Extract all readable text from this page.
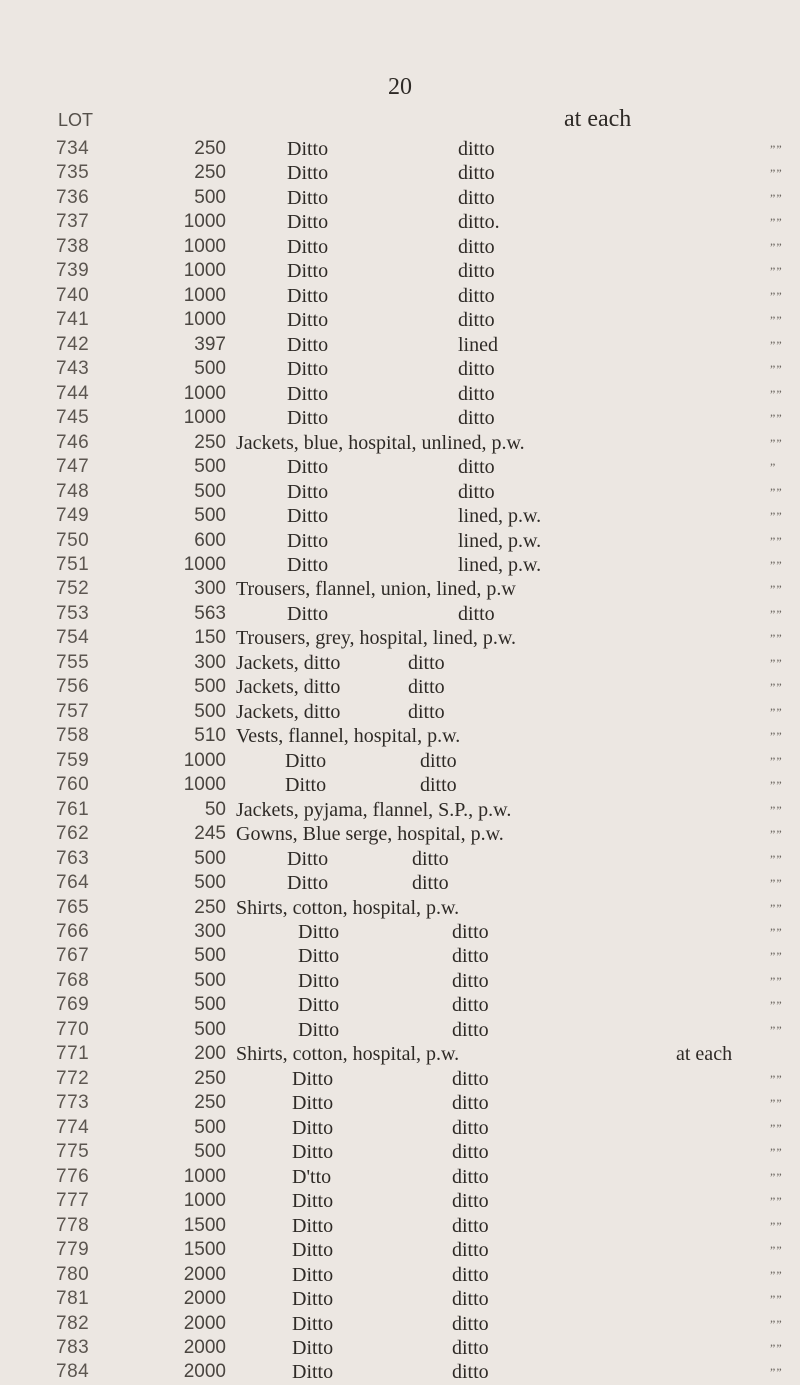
20
LOT	at each
734	250	Ditto	ditto	””
735	250	Ditto	ditto	””
736	500	Ditto	ditto	””
737	1000	Ditto	ditto.	””
738	1000	Ditto	ditto	””
739	1000	Ditto	ditto	””
740	1000	Ditto	ditto	””
741	1000	Ditto	ditto	””
742	397	Ditto	lined	””
743	500	Ditto	ditto	””
744	1000	Ditto	ditto	””
745	1000	Ditto	ditto	””
746	250 Jackets, blue, hospital, unlined, p.w.	””
747	500	Ditto	ditto	”
748	500	Ditto	ditto	””
749	500	Ditto	lined, p.w.	””
750	600	Ditto	lined, p.w.	””
751	1000	Ditto	lined, p.w.	””
752	300 Trousers, flannel, union, lined, p.w	””
753	563	Ditto	ditto	””
754	150 Trousers, grey, hospital, lined, p.w.	””
755	300 Jackets, ditto	ditto	””
756	500 Jackets, ditto	ditto	””
757	500 Jackets, ditto	ditto	””
758	510 Vests, flannel, hospital, p.w.	””
759	1000	Ditto	ditto	””
760	1000	Ditto	ditto	””
761	50 Jackets, pyjama, flannel, S.P., p.w.	””
762	245 Gowns, Blue serge, hospital, p.w.	””
763	500	Ditto	ditto	””
764	500	Ditto	ditto	””
765	250 Shirts, cotton, hospital, p.w.	””
766	300	Ditto	ditto	””
767	500	Ditto	ditto	””
768	500	Ditto	ditto	””
769	500	Ditto	ditto	””
770	500	Ditto	ditto	””
771	200 Shirts, cotton, hospital, p.w.	at each
772	250	Ditto	ditto	””
773	250	Ditto	ditto	””
774	500	Ditto	ditto	””
775	500	Ditto	ditto	””
776	1000	D'tto	ditto	””
777	1000	Ditto	ditto	””
778	1500	Ditto	ditto	””
779	1500	Ditto	ditto	””
780	2000	Ditto	ditto	””
781	2000	Ditto	ditto	””
782	2000	Ditto	ditto	””
783	2000	Ditto	ditto	””
784	2000	Ditto	ditto	””
